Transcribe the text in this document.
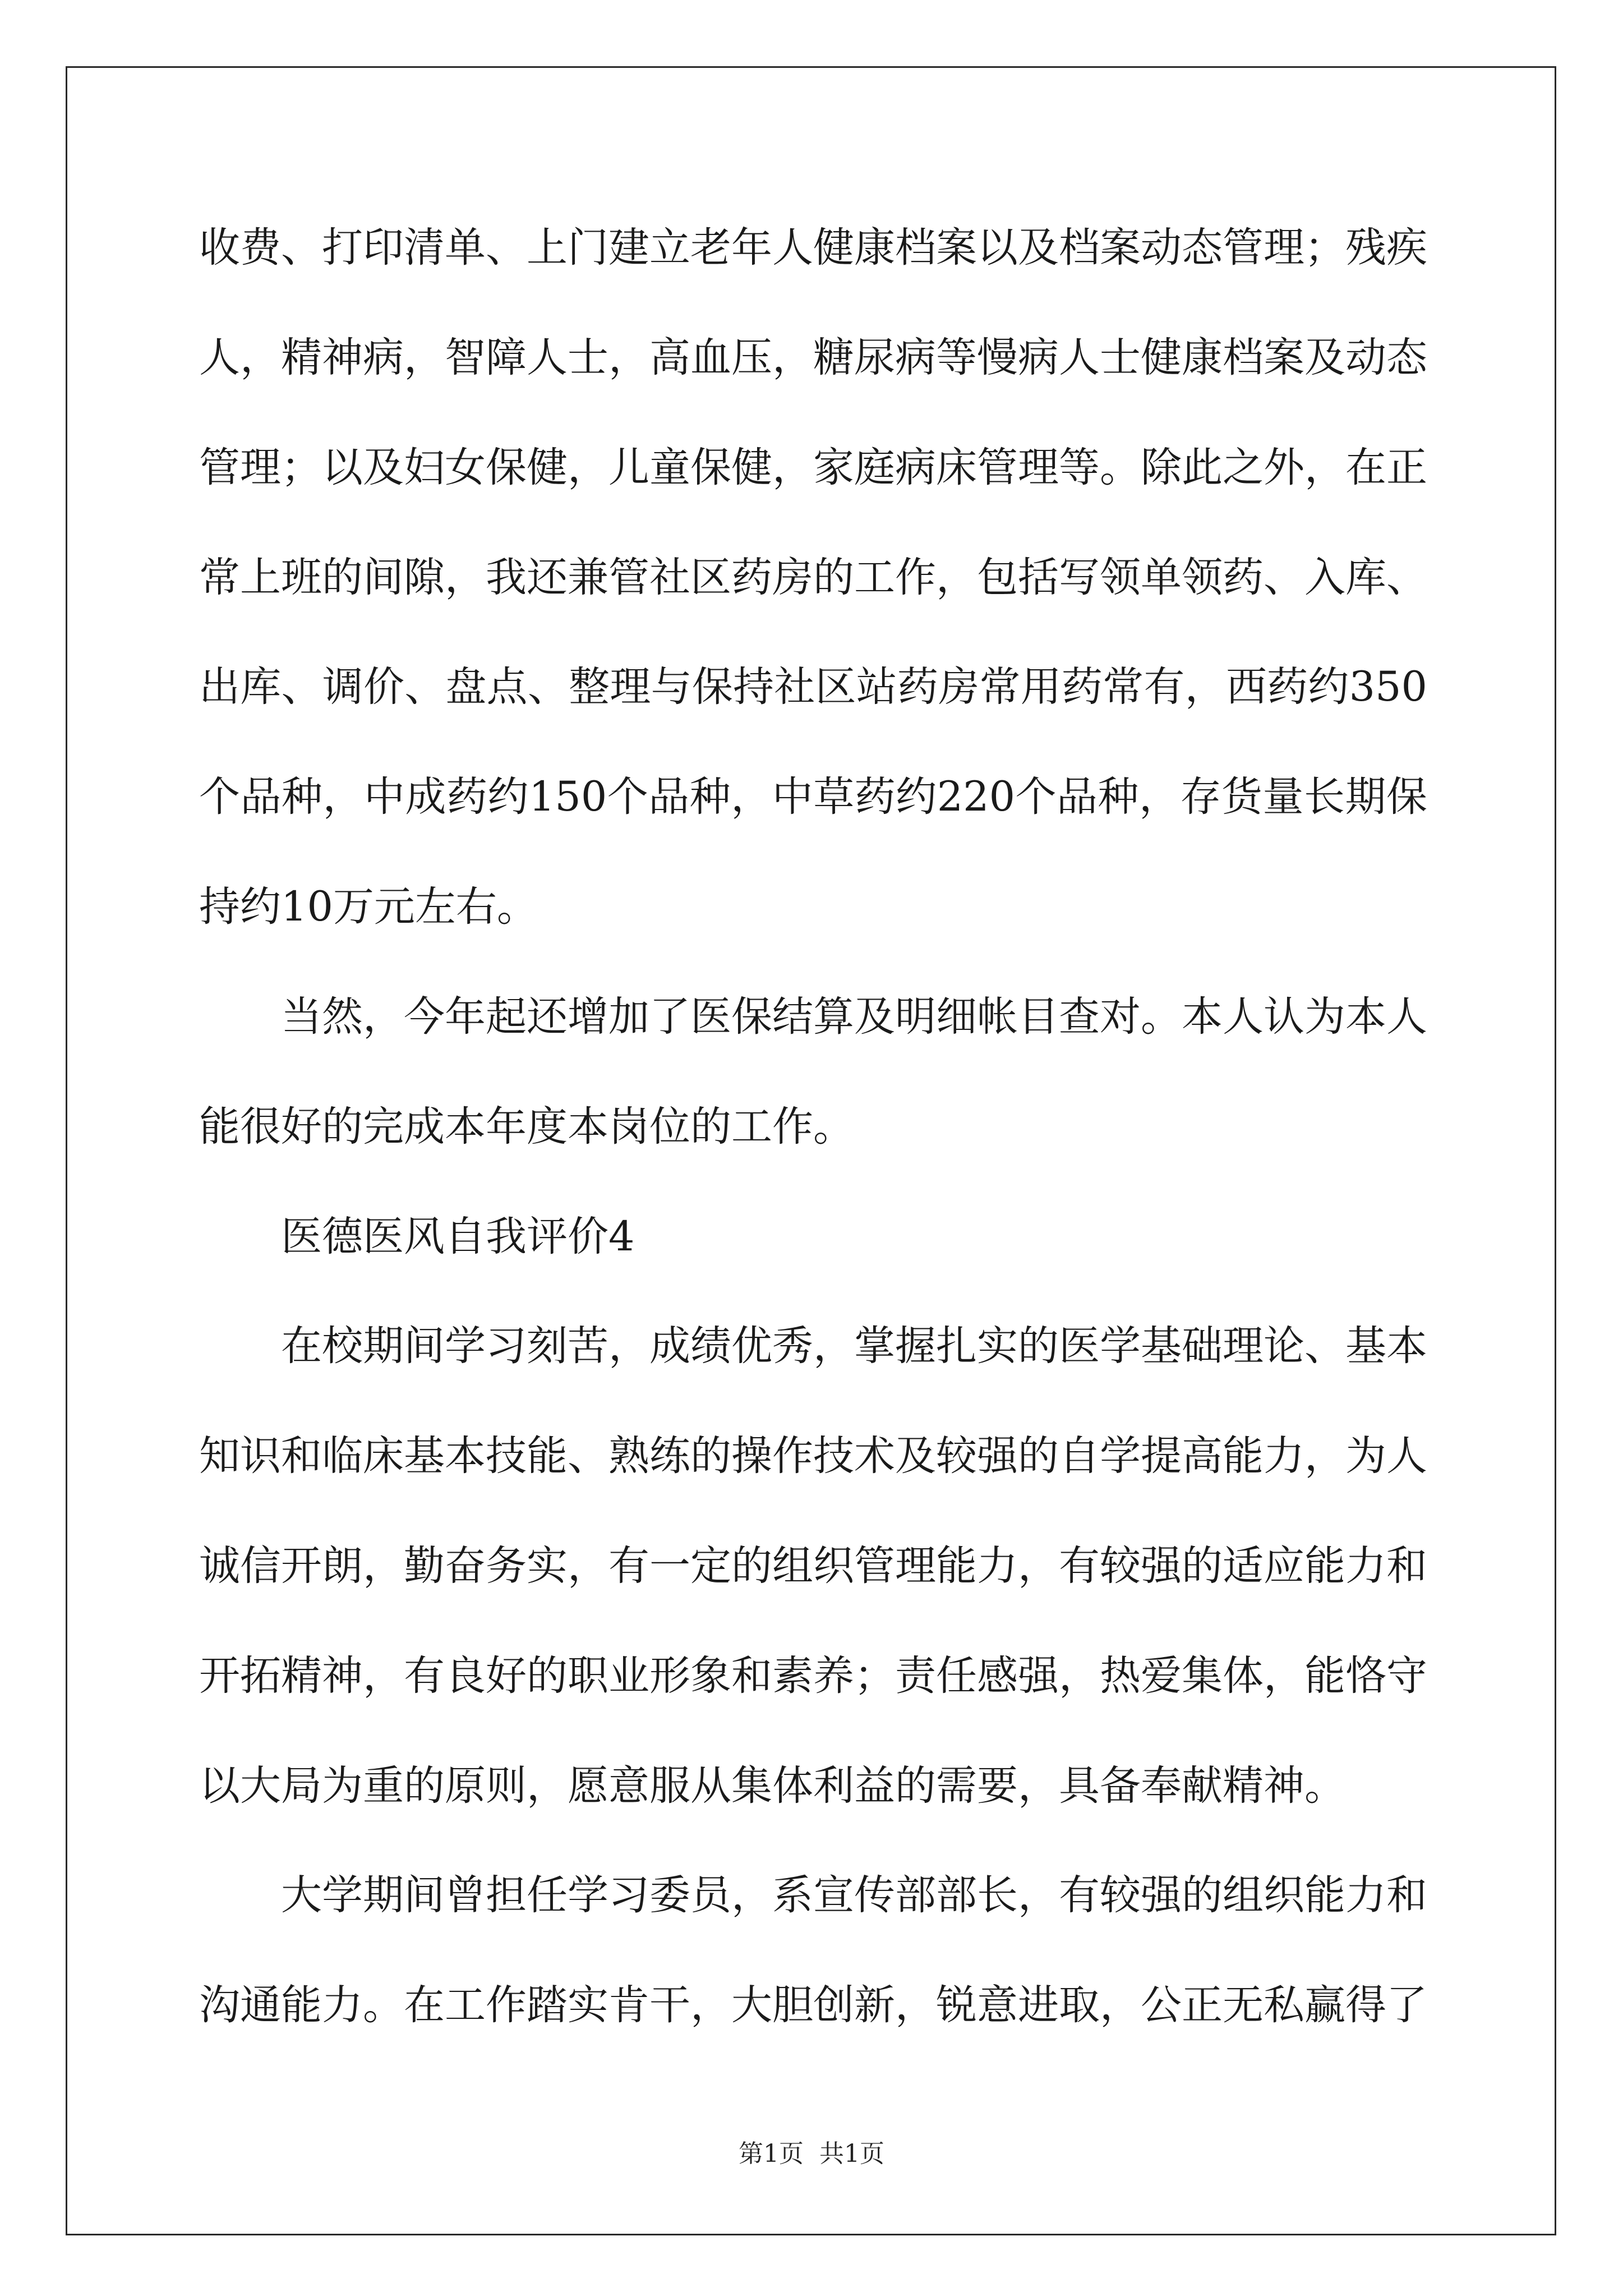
收费、打印清单、上门建立老年人健康档案以及档案动态管理；残疾
人，精神病，智障人士，高血压，糖尿病等慢病人士健康档案及动态
管理；以及妇女保健，儿童保健，家庭病床管理等。除此之外，在正
常上班的间隙，我还兼管社区药房的工作，包括写领单领药、入库、
出库、调价、盘点、整理与保持社区站药房常用药常有，西药约350
个品种，中成药约150个品种，中草药约220个品种，存货量长期保
持约10万元左右。
当然，今年起还增加了医保结算及明细帐目查对。本人认为本人
能很好的完成本年度本岗位的工作。
医德医风自我评价4
在校期间学习刻苦，成绩优秀，掌握扎实的医学基础理论、基本
知识和临床基本技能、熟练的操作技术及较强的自学提高能力，为人
诚信开朗，勤奋务实，有一定的组织管理能力，有较强的适应能力和
开拓精神，有良好的职业形象和素养；责任感强，热爱集体，能恪守
以大局为重的原则，愿意服从集体利益的需要，具备奉献精神。
大学期间曾担任学习委员，系宣传部部长，有较强的组织能力和
沟通能力。在工作踏实肯干，大胆创新，锐意进取，公正无私赢得了
第1页 共1页
